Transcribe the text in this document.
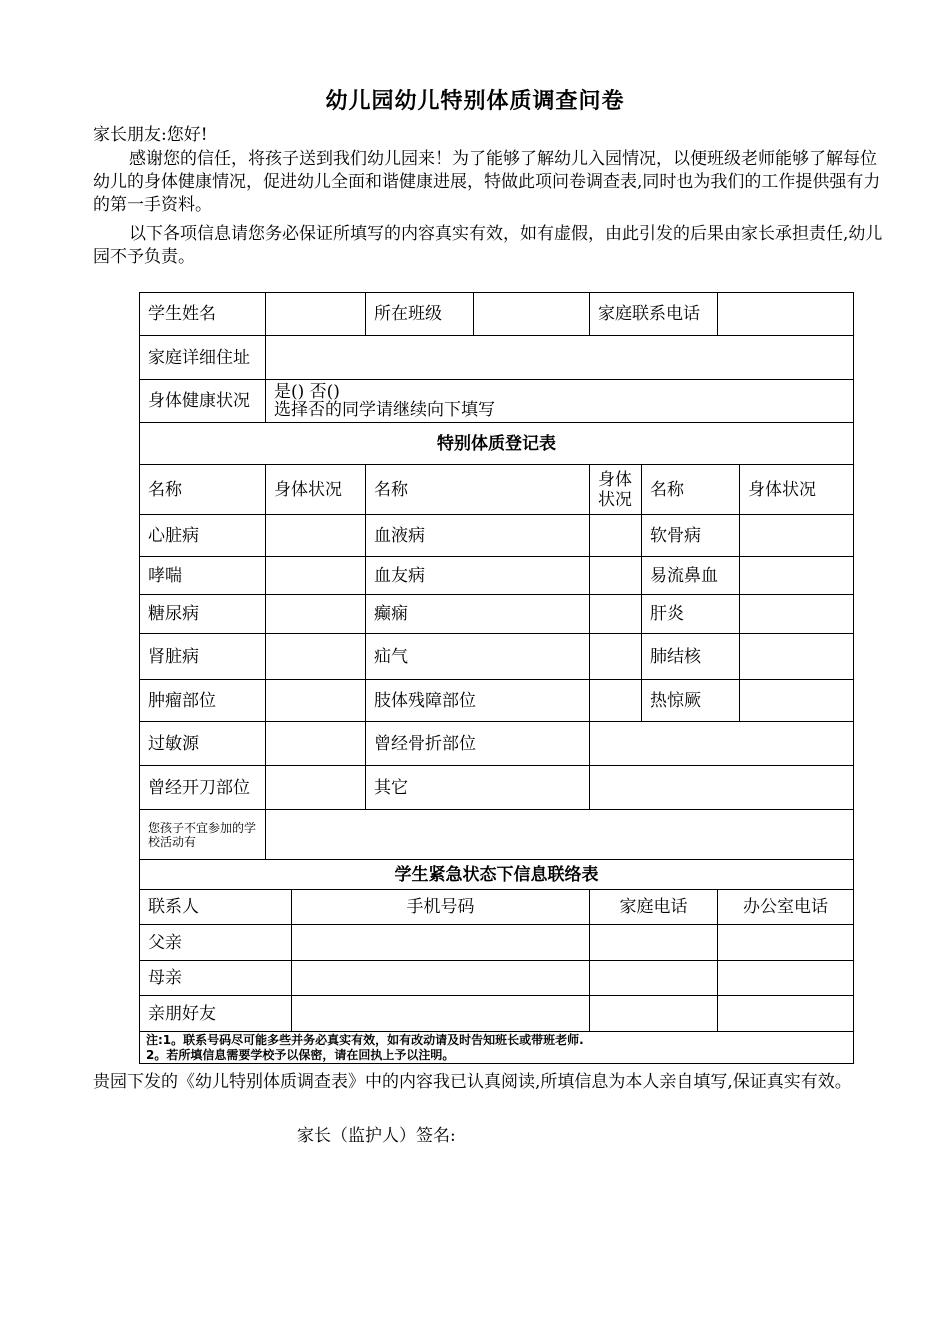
幼儿园幼儿特别体质调查问卷
家长朋友:您好!
感谢您的信任，将孩子送到我们幼儿园来！为了能够了解幼儿入园情况，以便班级老师能够了解每位幼儿的身体健康情况，促进幼儿全面和谐健康进展，特做此项问卷调查表,同时也为我们的工作提供强有力的第一手资料。
以下各项信息请您务必保证所填写的内容真实有效，如有虚假，由此引发的后果由家长承担责任,幼儿园不予负责。
学生姓名			所在班级		家庭联系电话			
家庭详细住址								
身体健康状况	是() 否()
选择否的同学请继续向下填写							

特别体质登记表								
名称	身体状况		名称		身体状况	名称		身体状况
心脏病			血液病			软骨病		
哮喘			血友病			易流鼻血		
糖尿病			癫痫			肝炎		
肾脏病			疝气			肺结核		
肿瘤部位			肢体残障部位			热惊厥		
过敏源			曾经骨折部位					
曾经开刀部位			其它					
您孩子不宜参加的学校活动有								
学生紧急状态下信息联络表								
联系人		手机号码			家庭电话		办公室电话	
父亲								
母亲								
亲朋好友								

注:1。联系号码尽可能多些并务必真实有效，如有改动请及时告知班长或带班老师.
2。若所填信息需要学校予以保密，请在回执上予以注明。								
贵园下发的《幼儿特别体质调查表》中的内容我已认真阅读,所填信息为本人亲自填写,保证真实有效。
家长（监护人）签名:
